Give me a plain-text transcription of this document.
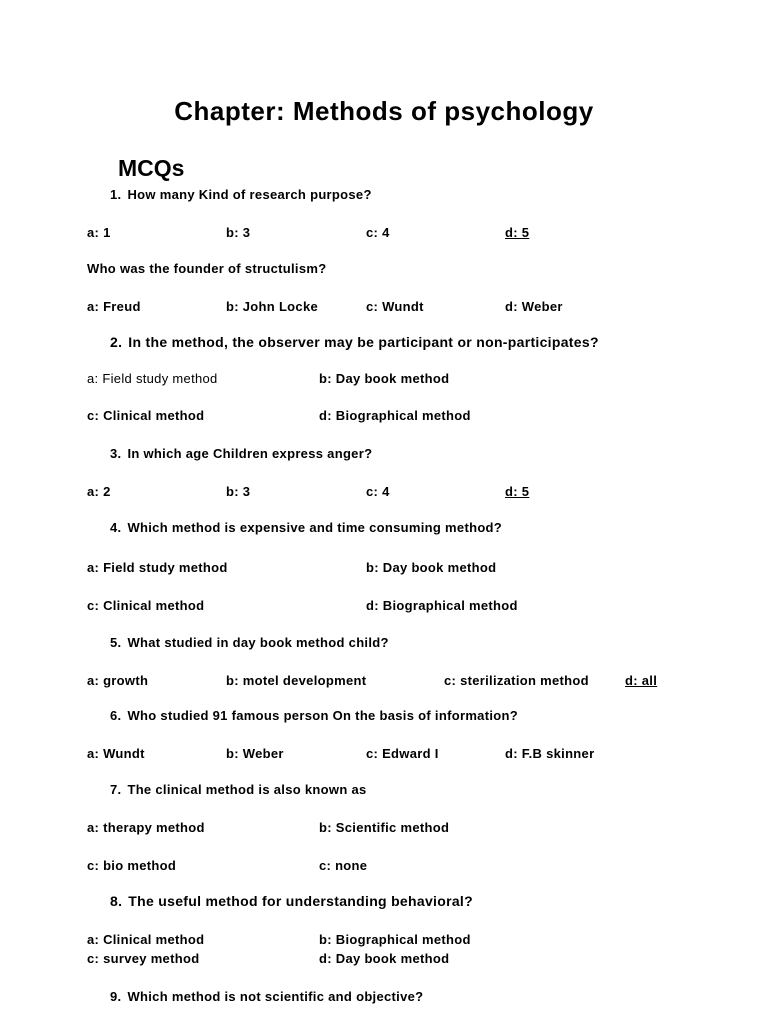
Chapter: Methods of psychology
MCQs
1. How many Kind of research purpose?
a: 1	b: 3	c: 4	d: 5
Who was the founder of structulism?
a: Freud	b: John Locke	c: Wundt	d: Weber
2. In the method, the observer may be participant or non-participates?
a: Field study method	b: Day book method
c: Clinical method	d: Biographical method
3. In which age Children express anger?
a: 2	b: 3	c: 4	d: 5
4. Which method is expensive and time consuming method?
a: Field study method	b: Day book method
c: Clinical method	d: Biographical method
5. What studied in day book method child?
a: growth	b: motel development	c: sterilization method	d: all
6. Who studied 91 famous person On the basis of information?
a: Wundt	b: Weber	c: Edward I	d: F.B skinner
7. The clinical method is also known as
a: therapy method	b: Scientific method
c: bio method	c: none
8. The useful method for understanding behavioral?
a: Clinical method	b: Biographical method
c: survey method	d: Day book method
9. Which method is not scientific and objective?
